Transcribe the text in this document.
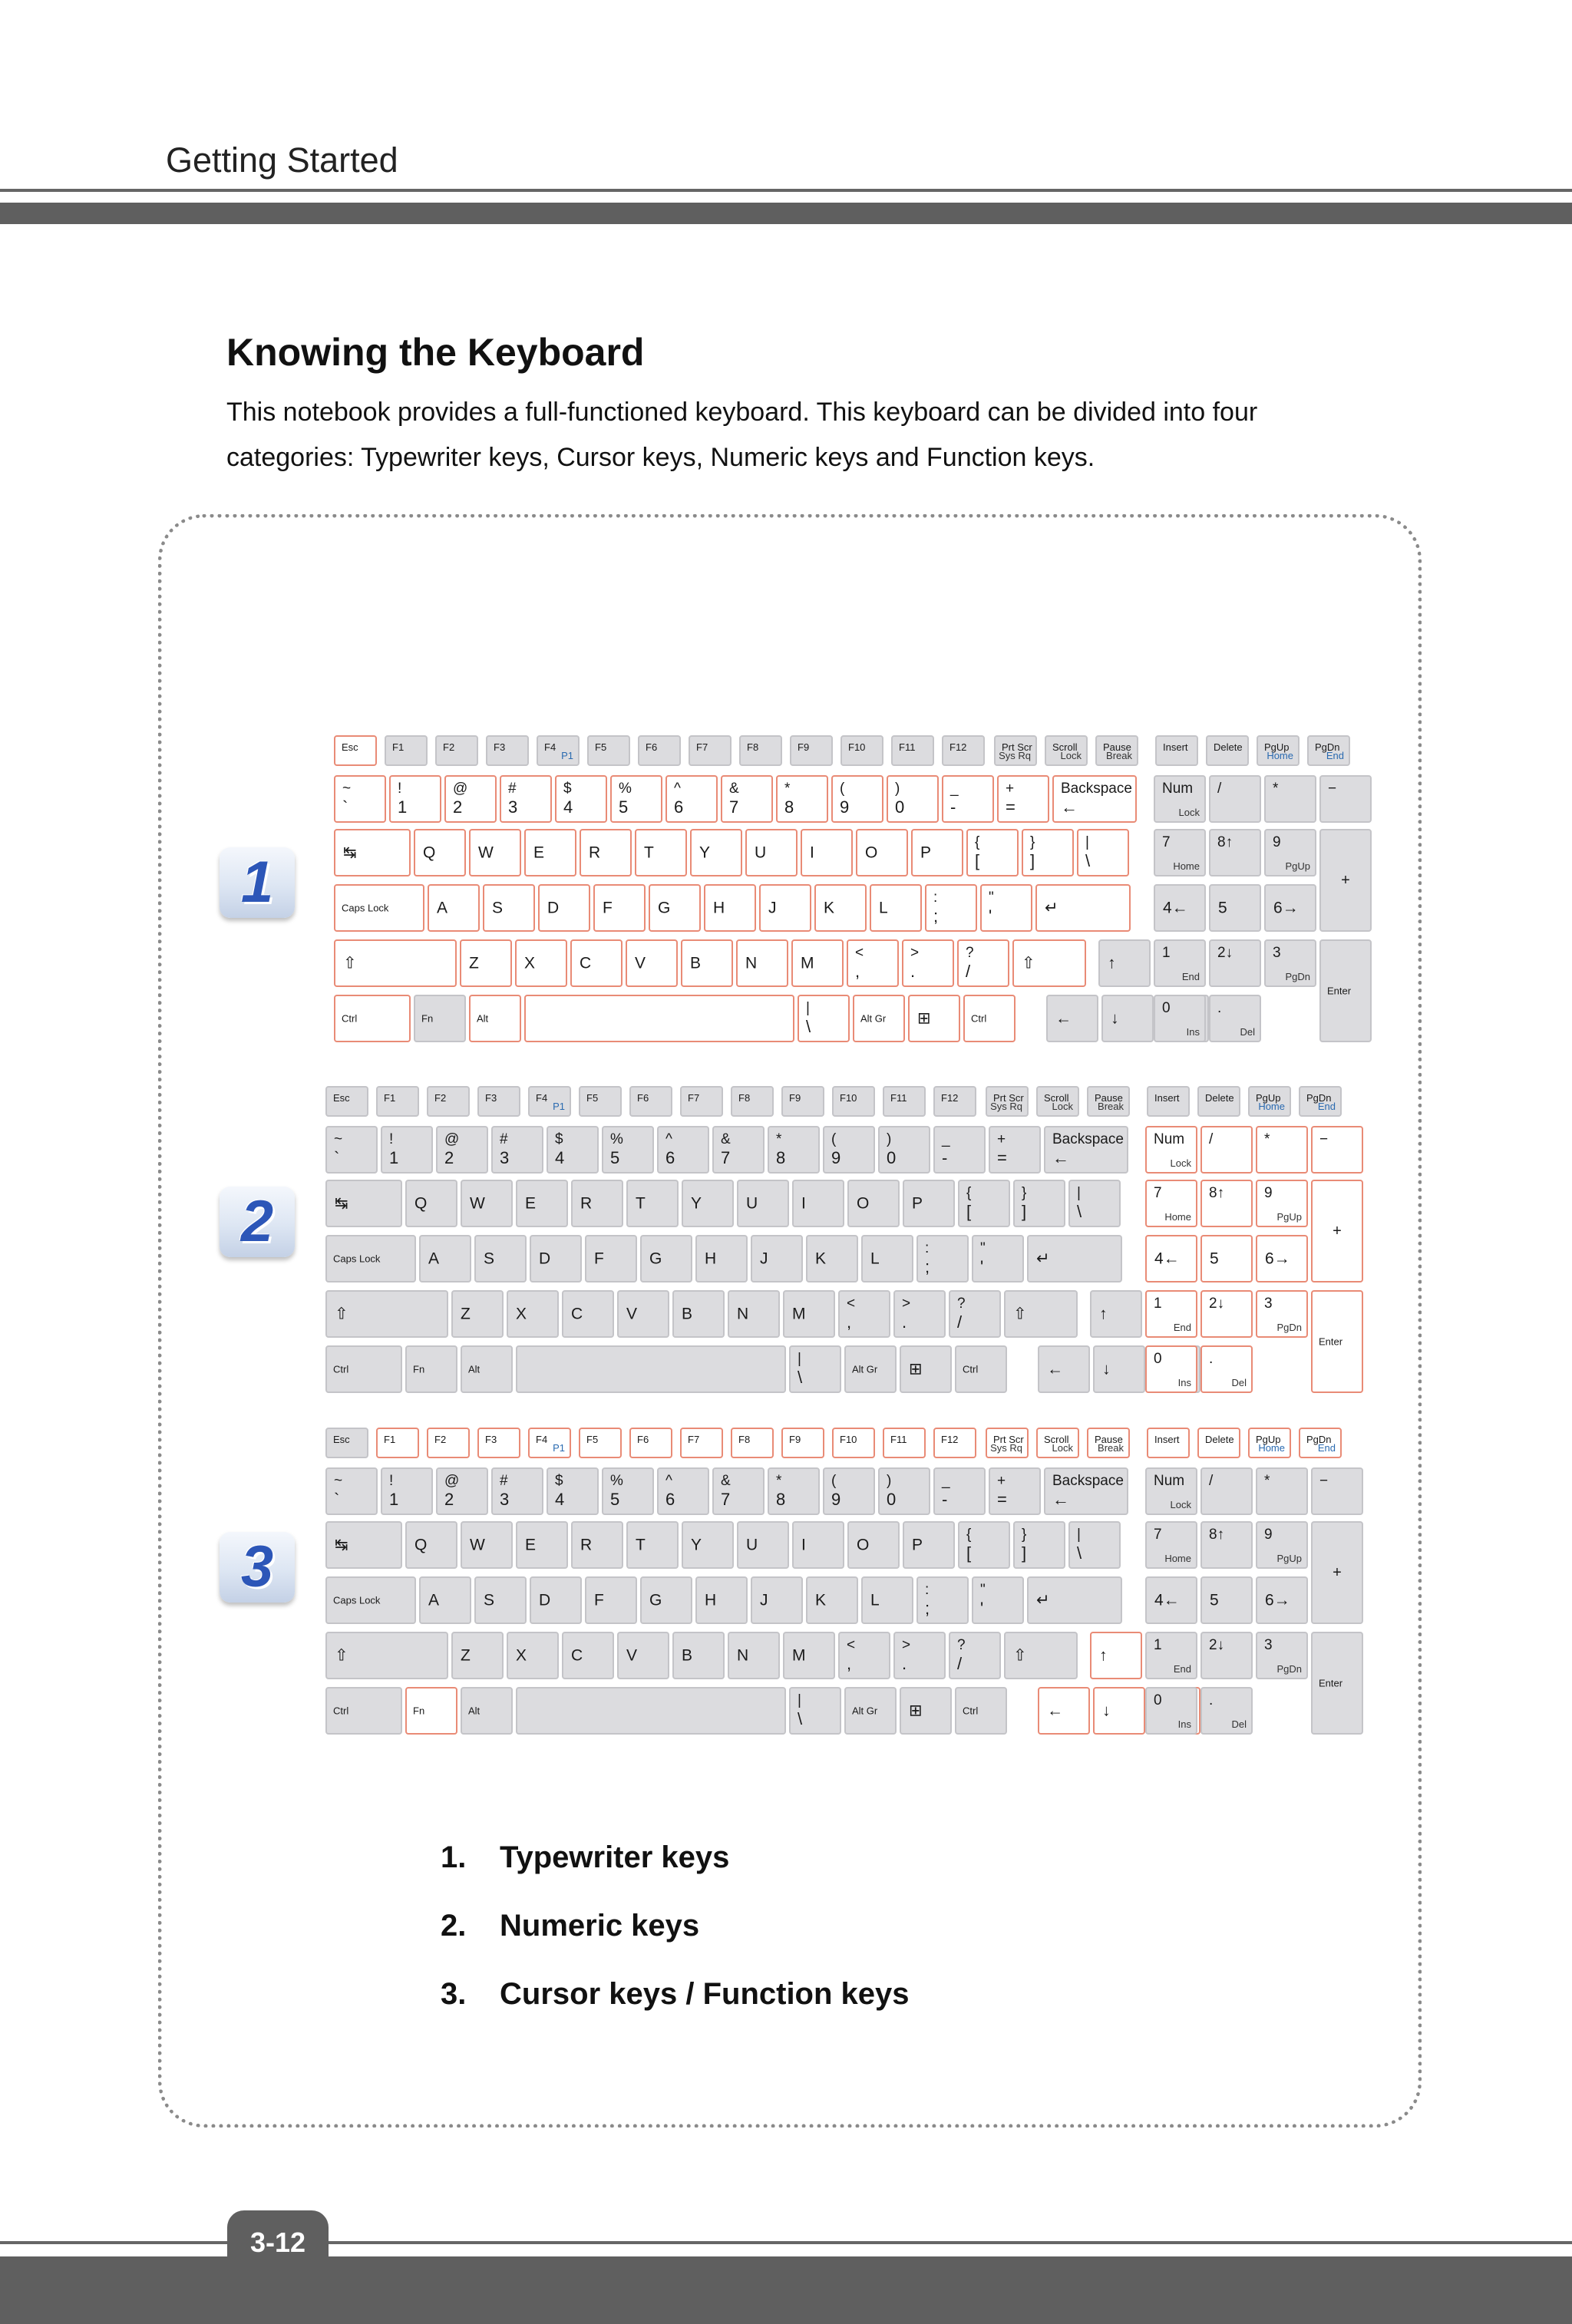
Getting Started
Knowing the Keyboard
This notebook provides a full-functioned keyboard. This keyboard can be divided into four
categories: Typewriter keys, Cursor keys, Numeric keys and Function keys.
1
2
3
Esc	F1	F2	F3	F4
P1
F5	F6	F7	F8	F9	F10	F11	F12	Prt Scr
Sys Rq
Scroll
Lock
Pause
Break
Insert	Delete PgUp
Home
PgDn
End
~
`
!
1
@
2
#
3
$
4
%
5
^
6
&
7
*
8
(
9
)
0
_
-
+
=
Backspace
←
Num
Lock
/	*	−
↹	Q	W E	R	T	Y	U	I	O	P
{
[
}
]
|
\
7
Home
8↑	9
PgUp
+
Caps Lock	A	S	D	F	G	H	J	K	L
:
;
"
'	↵	4← 5	6→
⇧	Z	X	C	V	B	N	M
<
,
>
.
?
/	⇧	↑
1
End
2↓	3
PgDn
Enter
Ctrl	Fn	Alt
|
\	Alt Gr ⊞	Ctrl	← ↓
0
Ins
.
Del
Esc	F1	F2	F3	F4
P1
F5	F6	F7	F8	F9	F10	F11	F12	Prt Scr
Sys Rq
Scroll
Lock
Pause
Break
Insert	Delete PgUp
Home
PgDn
End
~
`
!
1
@
2
#
3
$
4
%
5
^
6
&
7
*
8
(
9
)
0
_
-
+
=
Backspace
←
Num
Lock
/	*	−
↹	Q	W E	R	T	Y	U	I	O	P
{
[
}
]
|
\
7
Home
8↑	9
PgUp
+
Caps Lock	A	S	D	F	G	H	J	K	L
:
;
"
'	↵	4← 5	6→
⇧	Z	X	C	V	B	N	M
<
,
>
.
?
/	⇧	↑
1
End
2↓	3
PgDn
Enter
Ctrl	Fn	Alt
|
\	Alt Gr ⊞	Ctrl	← ↓
0
Ins
.
Del
Esc	F1	F2	F3	F4
P1
F5	F6	F7	F8	F9	F10	F11	F12	Prt Scr
Sys Rq
Scroll
Lock
Pause
Break
Insert	Delete PgUp
Home
PgDn
End
~
`
!
1
@
2
#
3
$
4
%
5
^
6
&
7
*
8
(
9
)
0
_
-
+
=
Backspace
←
Num
Lock
/	*	−
↹	Q	W E	R	T	Y	U	I	O	P
{
[
}
]
|
\
7
Home
8↑	9
PgUp
+
Caps Lock	A	S	D	F	G	H	J	K	L
:
;
"
'	↵	4← 5	6→
⇧	Z	X	C	V	B	N	M
<
,
>
.
?
/	⇧	↑
1
End
2↓	3
PgDn
Enter
Ctrl	Fn	Alt
|
\	Alt Gr ⊞	Ctrl	← ↓
0
Ins
.
Del
1. Typewriter keys
2. Numeric keys
3. Cursor keys / Function keys
3-12
